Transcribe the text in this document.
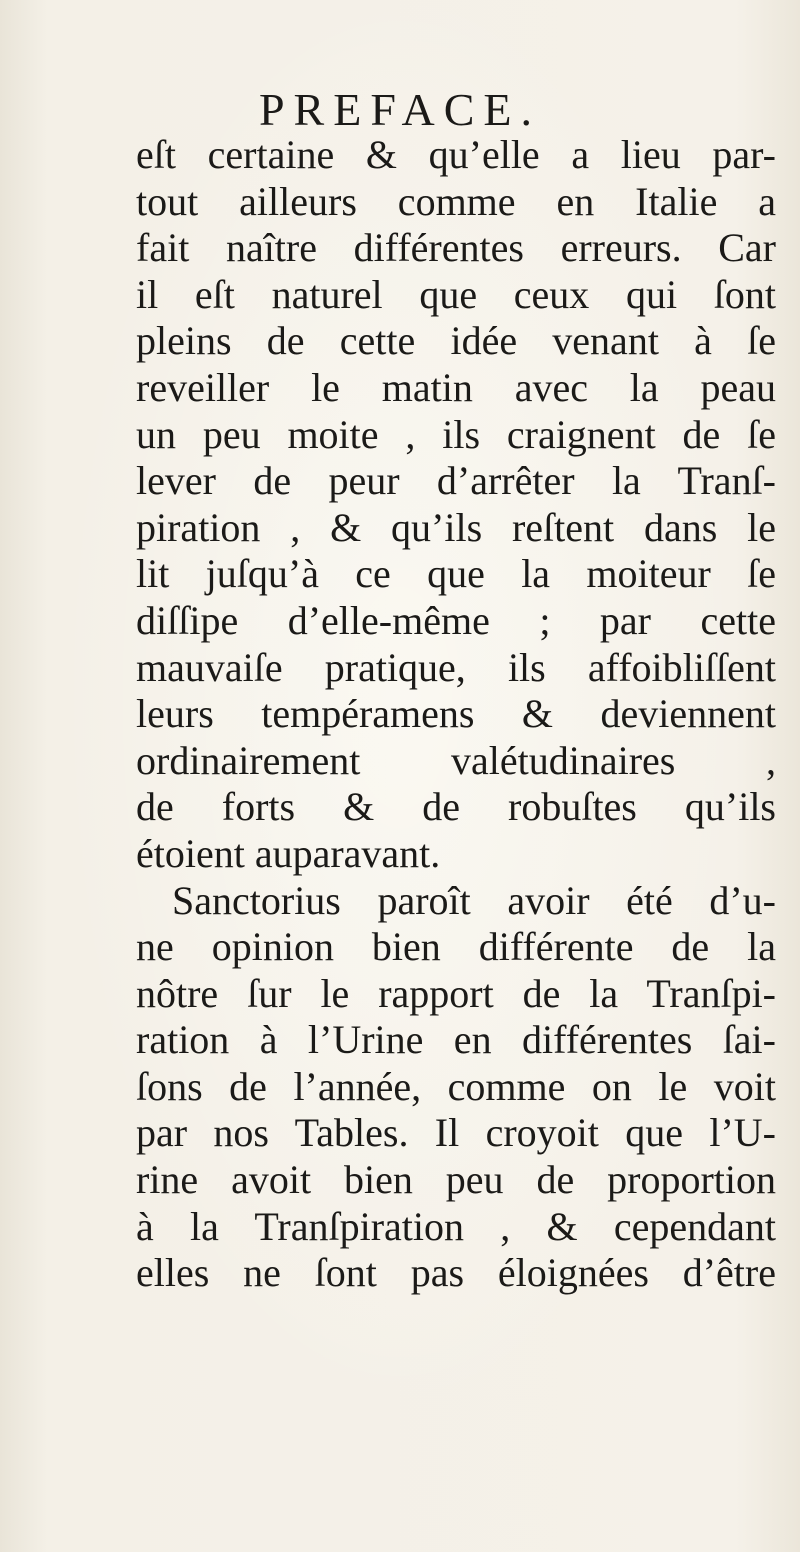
PREFACE.
eſt certaine & qu’elle a lieu par-
tout ailleurs comme en Italie a
fait naître différentes erreurs. Car
il eſt naturel que ceux qui ſont
pleins de cette idée venant à ſe
reveiller le matin avec la peau
un peu moite , ils craignent de ſe
lever de peur d’arrêter la Tranſ-
piration , & qu’ils reſtent dans le
lit juſqu’à ce que la moiteur ſe
diſſipe d’elle-même ; par cette
mauvaiſe pratique, ils affoibliſſent
leurs tempéramens & deviennent
ordinairement valétudinaires ,
de forts & de robuſtes qu’ils
étoient auparavant.
Sanctorius paroît avoir été d’u-
ne opinion bien différente de la
nôtre ſur le rapport de la Tranſpi-
ration à l’Urine en différentes ſai-
ſons de l’année, comme on le voit
par nos Tables. Il croyoit que l’U-
rine avoit bien peu de proportion
à la Tranſpiration , & cependant
elles ne ſont pas éloignées d’être
